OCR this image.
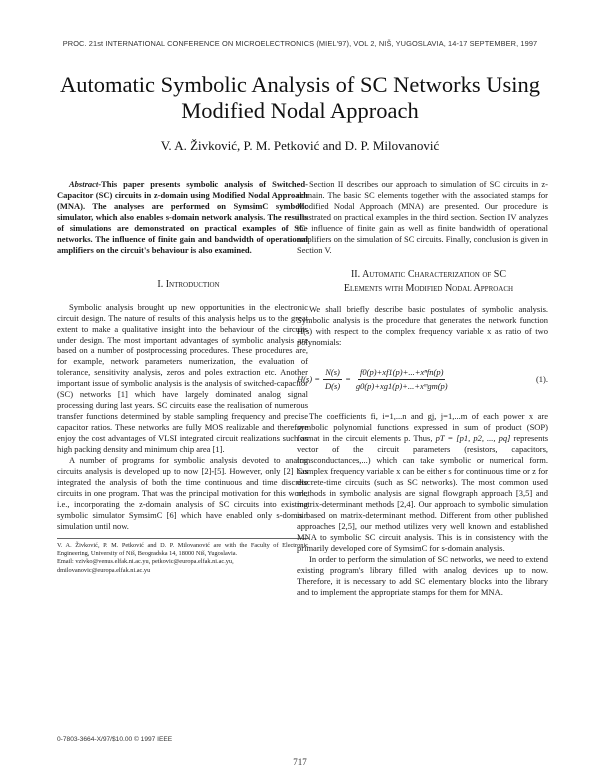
PROC. 21st INTERNATIONAL CONFERENCE ON MICROELECTRONICS (MIEL'97), VOL 2, NIŠ, YUGOSLAVIA, 14-17 SEPTEMBER, 1997
Automatic Symbolic Analysis of SC Networks Using Modified Nodal Approach
V. A. Živković, P. M. Petković and D. P. Milovanović

Abstract-This paper presents symbolic analysis of Switched-Capacitor (SC) circuits in z-domain using Modified Nodal Approach (MNA). The analyses are performed on SymsimC symbolic simulator, which also enables s-domain network analysis. The results of simulations are demonstrated on practical examples of SC-networks. The influence of finite gain and bandwidth of operational amplifiers on the circuit's behaviour is also examined.

I. Introduction

Symbolic analysis brought up new opportunities in the electronic circuit design. The nature of results of this analysis helps us to the great extent to make a qualitative insight into the behaviour of the circuits under design. The most important advantages of symbolic analysis are based on a number of postprocessing procedures. These procedures are, for example, network parameters numerization, the evaluation of tolerance, sensitivity analysis, zeros and poles extraction etc. Another important issue of symbolic analysis is the analysis of switched-capacitor (SC) networks [1] which have largely dominated analog signal processing during last years. SC circuits ease the realisation of numerous transfer functions determined by stable sampling frequency and precise capacitor ratios. These networks are fully MOS realizable and therefore enjoy the cost advantages of VLSI integrated circuit realizations such as high packing density and minimum chip area [1].

A number of programs for symbolic analysis devoted to analog circuits analysis is developed up to now [2]-[5]. However, only [2] has integrated the analysis of both the time continuous and time discrete circuits in one program. That was the principal motivation for this work, i.e., incorporating the z-domain analysis of SC circuits into existing symbolic simulator SymsimC [6] which have enabled only s-domain simulation until now.

V. A. Živković, P. M. Petković and D. P. Milovanović are with the Faculty of Electronic Engineering, University of Niš, Beogradska 14, 18000 Niš, Yugoslavia.
Email: vzivko@venus.elfak.ni.ac.yu, petkovic@europa.elfak.ni.ac.yu,
dmilovanovic@europa.elfak.ni.ac.yu

Section II describes our approach to simulation of SC circuits in z-domain. The basic SC elements together with the associated stamps for Modified Nodal Approach (MNA) are presented. Our procedure is illustrated on practical examples in the third section. Section IV analyzes the influence of finite gain as well as finite bandwidth of operational amplifiers on the simulation of SC circuits. Finally, conclusion is given in Section V.

II. Automatic Characterization of SC

Elements with Modified Nodal Approach

We shall briefly describe basic postulates of symbolic analysis. Symbolic analysis is the procedure that generates the network function H(s) with respect to the complex frequency variable x as ratio of two polynomials:

$H(s) = \frac{N(s)}{D(s)} = \frac{\text{f0(p)+xf1(p)+...+xⁿfn(p)}}{\text{g0(p)+xg1(p)+...+xᵐgm(p)}}$	(1).

The coefficients fi, i=1,...n and gj, j=1,...m of each power x are symbolic polynomial functions expressed in sum of product (SOP) format in the circuit elements p. Thus, pT = [p1, p2, ..., pq] represents vector of the circuit parameters (resistors, capacitors, transconductances,...) which can take symbolic or numerical form. Complex frequency variable x can be either s for continuous time or z for discrete-time circuits (such as SC networks). The most common used methods in symbolic analysis are signal flowgraph approach [3,5] and matrix-determinant methods [2,4]. Our approach to symbolic simulation is based on matrix-determinant method. Different from other published approaches [2,5], our method utilizes very well known and established MNA to symbolic SC circuit analysis. This is in consistency with the primarily developed core of SymsimC for s-domain analysis.

In order to perform the simulation of SC networks, we need to extend existing program's library filled with analog devices up to now. Therefore, it is necessary to add SC elementary blocks into the library and to implement the appropriate stamps for them for MNA.

0-7803-3664-X/97/$10.00 © 1997 IEEE
717
